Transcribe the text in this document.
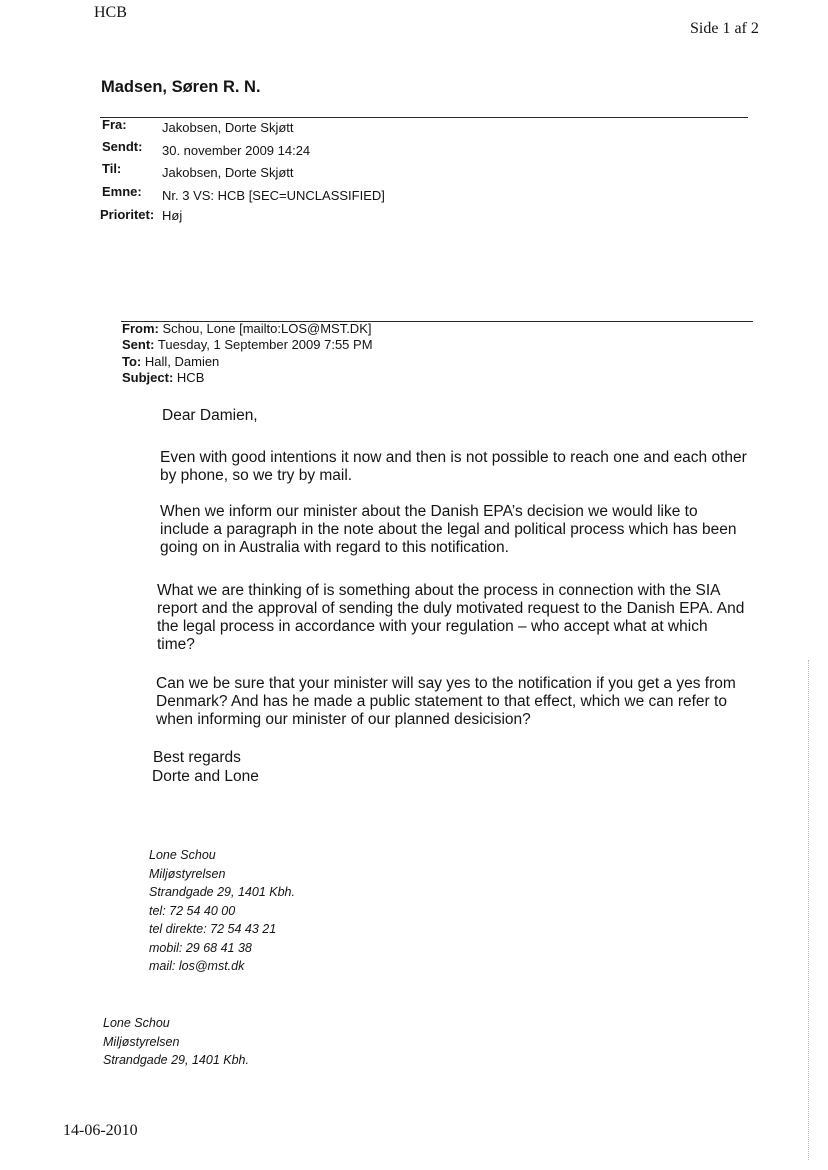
HCB
Side 1 af 2
Madsen, Søren R. N.
Fra:	Jakobsen, Dorte Skjøtt
Sendt: 30. november 2009 14:24
Til:	Jakobsen, Dorte Skjøtt
Emne: Nr. 3 VS: HCB [SEC=UNCLASSIFIED]
Prioritet: Høj
From: Schou, Lone [mailto:LOS@MST.DK]
Sent: Tuesday, 1 September 2009 7:55 PM
To: Hall, Damien
Subject: HCB
Dear Damien,
Even with good intentions it now and then is not possible to reach one and each other by phone, so we try by mail.
When we inform our minister about the Danish EPA’s decision we would like to include a paragraph in the note about the legal and political process which has been going on in Australia with regard to this notification.
What we are thinking of is something about the process in connection with the SIA report and the approval of sending the duly motivated request to the Danish EPA. And the legal process in accordance with your regulation – who accept what at which time?
Can we be sure that your minister will say yes to the notification if you get a yes from Denmark? And has he made a public statement to that effect, which we can refer to when informing our minister of our planned desicision?
Best regards
Dorte and Lone
Lone Schou
Miljøstyrelsen
Strandgade 29, 1401 Kbh.
tel: 72 54 40 00
tel direkte: 72 54 43 21
mobil: 29 68 41 38
mail: los@mst.dk
Lone Schou
Miljøstyrelsen
Strandgade 29, 1401 Kbh.
14-06-2010
